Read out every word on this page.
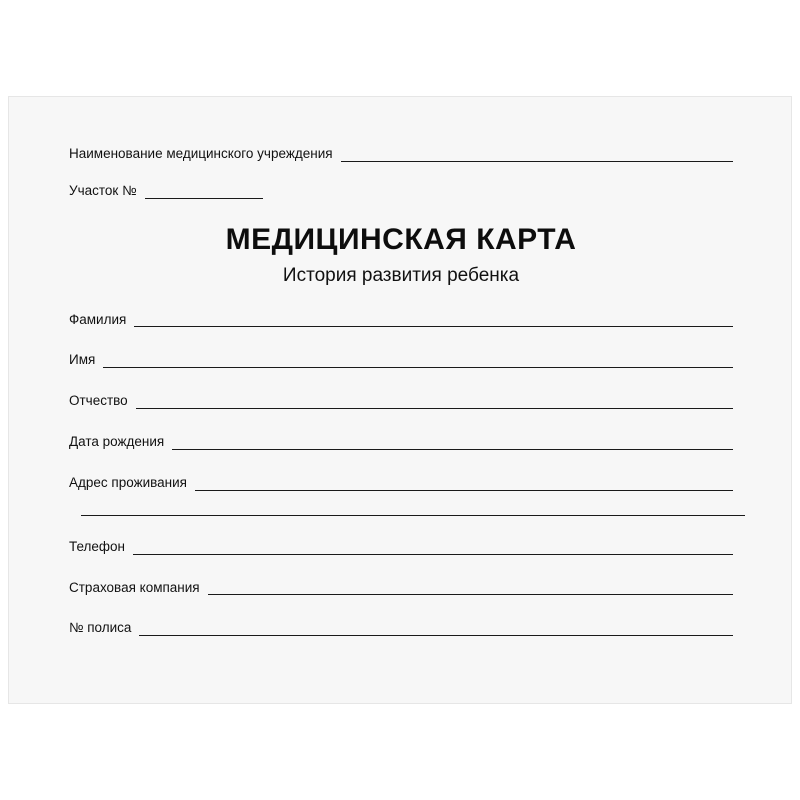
Наименование медицинского учреждения
Участок №
МЕДИЦИНСКАЯ КАРТА
История развития ребенка
Фамилия
Имя
Отчество
Дата рождения
Адрес проживания
Телефон
Страховая компания
№ полиса
